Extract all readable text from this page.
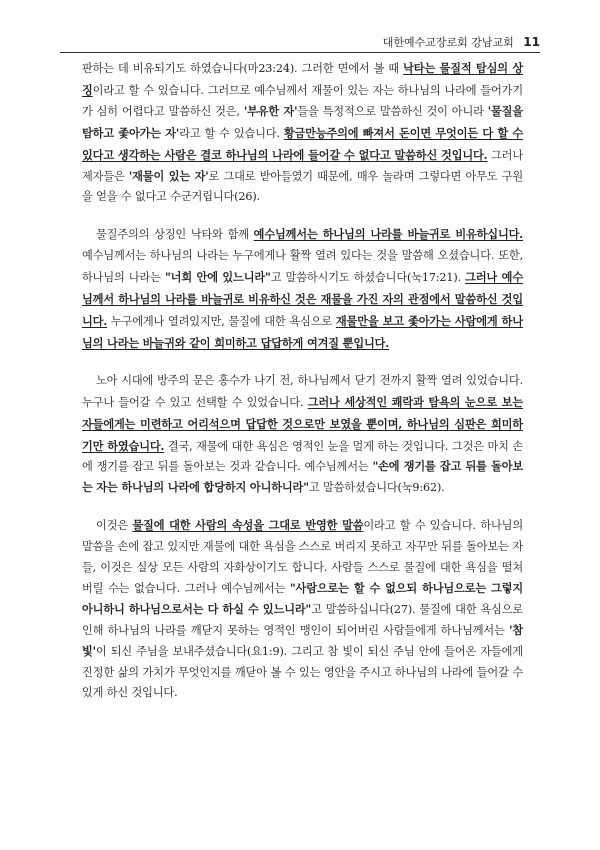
대한예수교장로회 강남교회 11

판하는 데 비유되기도 하였습니다(마23:24). 그러한 면에서 볼 때 낙타는 물질적 탐심의 상징이라고 할 수 있습니다. 그러므로 예수님께서 재물이 있는 자는 하나님의 나라에 들어가기가 심히 어렵다고 말씀하신 것은, '부유한 자'들을 특정적으로 말씀하신 것이 아니라 '물질을 탐하고 좇아가는 자'라고 할 수 있습니다. 황금만능주의에 빠져서 돈이면 무엇이든 다 할 수 있다고 생각하는 사람은 결코 하나님의 나라에 들어갈 수 없다고 말씀하신 것입니다. 그러나 제자들은 '재물이 있는 자'로 그대로 받아들였기 때문에, 매우 놀라며 그렇다면 아무도 구원을 얻을 수 없다고 수군거립니다(26).

물질주의의 상징인 낙타와 함께 예수님께서는 하나님의 나라를 바늘귀로 비유하십니다. 예수님께서는 하나님의 나라는 누구에게나 활짝 열려 있다는 것을 말씀해 오셨습니다. 또한, 하나님의 나라는 "너희 안에 있느니라"고 말씀하시기도 하셨습니다(눅17:21). 그러나 예수님께서 하나님의 나라를 바늘귀로 비유하신 것은 재물을 가진 자의 관점에서 말씀하신 것입니다. 누구에게나 열려있지만, 물질에 대한 욕심으로 재물만을 보고 좇아가는 사람에게 하나님의 나라는 바늘귀와 같이 희미하고 답답하게 여겨질 뿐입니다.

노아 시대에 방주의 문은 홍수가 나기 전, 하나님께서 닫기 전까지 활짝 열려 있었습니다. 누구나 들어갈 수 있고 선택할 수 있었습니다. 그러나 세상적인 쾌락과 탐욕의 눈으로 보는 자들에게는 미련하고 어리석으며 답답한 것으로만 보였을 뿐이며, 하나님의 심판은 희미하기만 하였습니다. 결국, 재물에 대한 욕심은 영적인 눈을 멀게 하는 것입니다. 그것은 마치 손에 쟁기를 잡고 뒤를 돌아보는 것과 같습니다. 예수님께서는 "손에 쟁기를 잡고 뒤를 돌아보는 자는 하나님의 나라에 합당하지 아니하니라"고 말씀하셨습니다(눅9:62).

이것은 물질에 대한 사람의 속성을 그대로 반영한 말씀이라고 할 수 있습니다. 하나님의 말씀을 손에 잡고 있지만 재물에 대한 욕심을 스스로 버리지 못하고 자꾸만 뒤를 돌아보는 자들, 이것은 실상 모든 사람의 자화상이기도 합니다. 사람들 스스로 물질에 대한 욕심을 떨쳐 버릴 수는 없습니다. 그러나 예수님께서는 "사람으로는 할 수 없으되 하나님으로는 그렇지 아니하니 하나님으로서는 다 하실 수 있느니라"고 말씀하십니다(27). 물질에 대한 욕심으로 인해 하나님의 나라를 깨닫지 못하는 영적인 맹인이 되어버린 사람들에게 하나님께서는 '참 빛'이 되신 주님을 보내주셨습니다(요1:9). 그리고 참 빛이 되신 주님 안에 들어온 자들에게 진정한 삶의 가치가 무엇인지를 깨닫아 볼 수 있는 영안을 주시고 하나님의 나라에 들어갈 수 있게 하신 것입니다.
